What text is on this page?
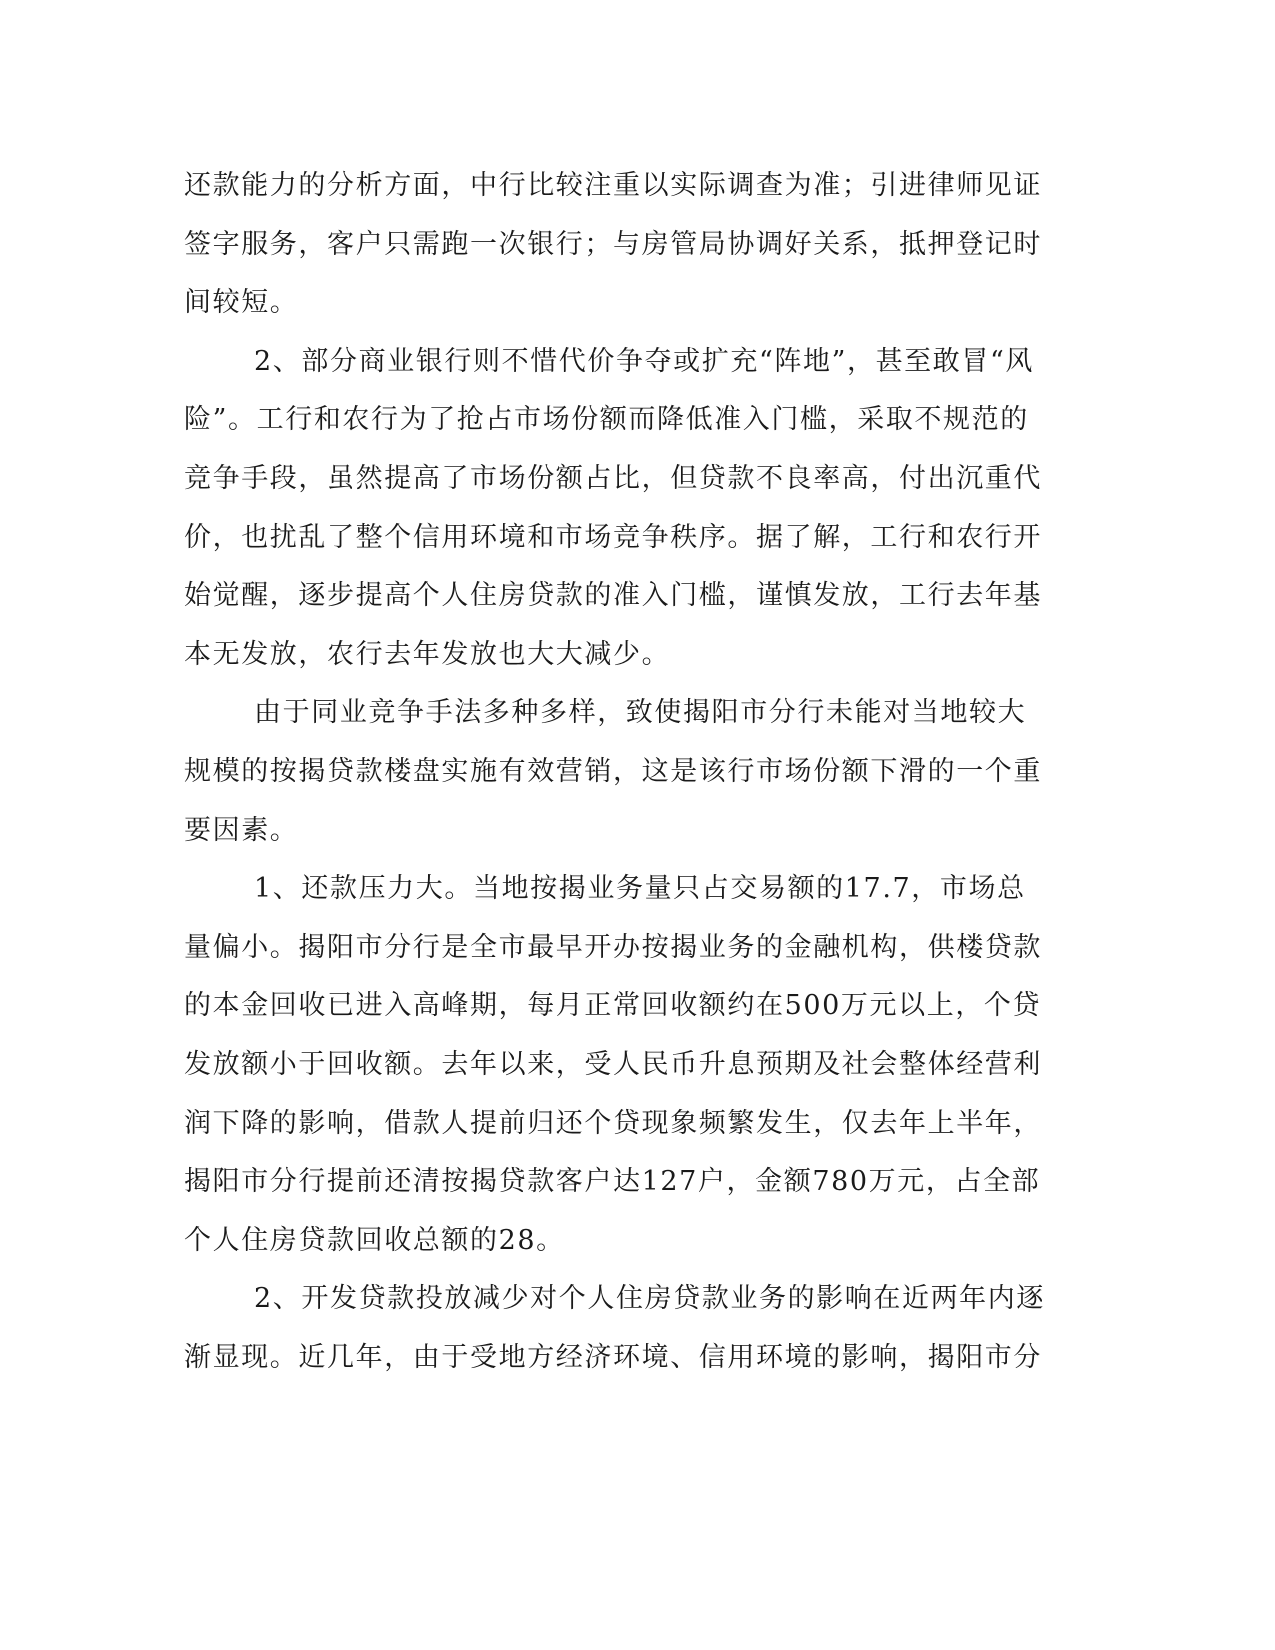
还款能力的分析方面，中行比较注重以实际调查为准；引进律师见证签字服务，客户只需跑一次银行；与房管局协调好关系，抵押登记时间较短。

2、部分商业银行则不惜代价争夺或扩充“阵地”，甚至敢冒“风险”。工行和农行为了抢占市场份额而降低准入门槛，采取不规范的竞争手段，虽然提高了市场份额占比，但贷款不良率高，付出沉重代价，也扰乱了整个信用环境和市场竞争秩序。据了解，工行和农行开始觉醒，逐步提高个人住房贷款的准入门槛，谨慎发放，工行去年基本无发放，农行去年发放也大大减少。

由于同业竞争手法多种多样，致使揭阳市分行未能对当地较大规模的按揭贷款楼盘实施有效营销，这是该行市场份额下滑的一个重要因素。

1、还款压力大。当地按揭业务量只占交易额的17.7，市场总量偏小。揭阳市分行是全市最早开办按揭业务的金融机构，供楼贷款的本金回收已进入高峰期，每月正常回收额约在500万元以上，个贷发放额小于回收额。去年以来，受人民币升息预期及社会整体经营利润下降的影响，借款人提前归还个贷现象频繁发生，仅去年上半年，揭阳市分行提前还清按揭贷款客户达127户，金额780万元，占全部个人住房贷款回收总额的28。

2、开发贷款投放减少对个人住房贷款业务的影响在近两年内逐渐显现。近几年，由于受地方经济环境、信用环境的影响，揭阳市分
